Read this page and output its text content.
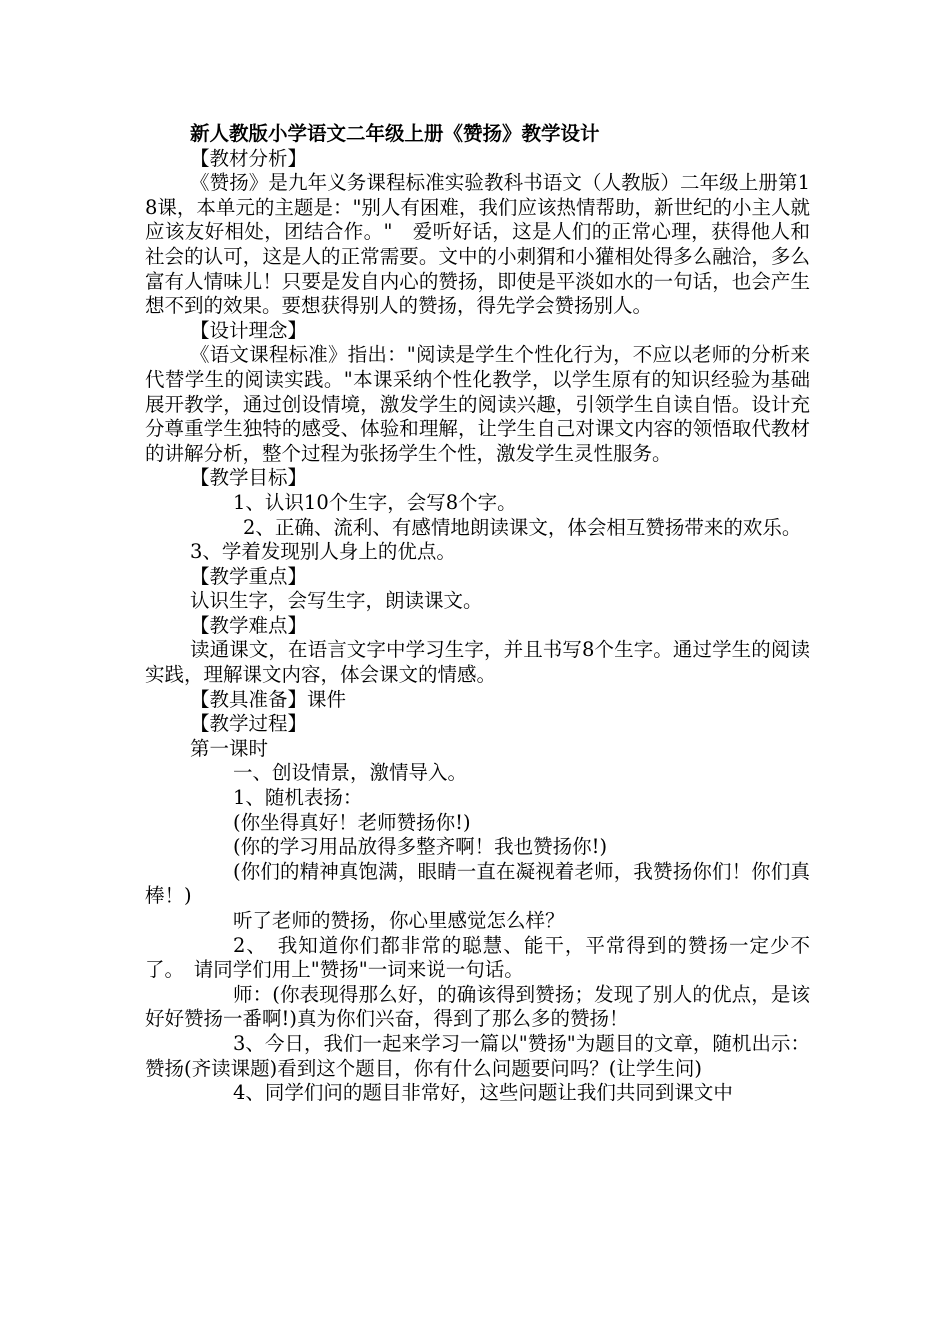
新人教版小学语文二年级上册《赞扬》教学设计

【教材分析】

《赞扬》是九年义务课程标准实验教科书语文（人教版）二年级上册第18课，本单元的主题是："别人有困难，我们应该热情帮助，新世纪的小主人就应该友好相处，团结合作。"　爱听好话，这是人们的正常心理，获得他人和社会的认可，这是人的正常需要。文中的小刺猬和小獾相处得多么融洽，多么富有人情味儿！只要是发自内心的赞扬，即使是平淡如水的一句话，也会产生想不到的效果。要想获得别人的赞扬，得先学会赞扬别人。

【设计理念】

《语文课程标准》指出："阅读是学生个性化行为，不应以老师的分析来代替学生的阅读实践。"本课采纳个性化教学，以学生原有的知识经验为基础展开教学，通过创设情境，激发学生的阅读兴趣，引领学生自读自悟。设计充分尊重学生独特的感受、体验和理解，让学生自己对课文内容的领悟取代教材的讲解分析，整个过程为张扬学生个性，激发学生灵性服务。

【教学目标】

1、认识10个生字，会写8个字。

2、正确、流利、有感情地朗读课文，体会相互赞扬带来的欢乐。

3、学着发现别人身上的优点。

【教学重点】

认识生字，会写生字，朗读课文。

【教学难点】

读通课文，在语言文字中学习生字，并且书写8个生字。通过学生的阅读实践，理解课文内容，体会课文的情感。

【教具准备】课件

【教学过程】

第一课时

一、创设情景，激情导入。

1、随机表扬：

(你坐得真好！老师赞扬你!)

(你的学习用品放得多整齐啊！我也赞扬你!)

(你们的精神真饱满，眼睛一直在凝视着老师，我赞扬你们！你们真棒！)

听了老师的赞扬，你心里感觉怎么样？

2、　我知道你们都非常的聪慧、能干，平常得到的赞扬一定少不了。　请同学们用上"赞扬"一词来说一句话。

师：(你表现得那么好，的确该得到赞扬；发现了别人的优点，是该好好赞扬一番啊!)真为你们兴奋，得到了那么多的赞扬！

3、今日，我们一起来学习一篇以"赞扬"为题目的文章，随机出示：赞扬(齐读课题)看到这个题目，你有什么问题要问吗？(让学生问)

4、同学们问的题目非常好，这些问题让我们共同到课文中
